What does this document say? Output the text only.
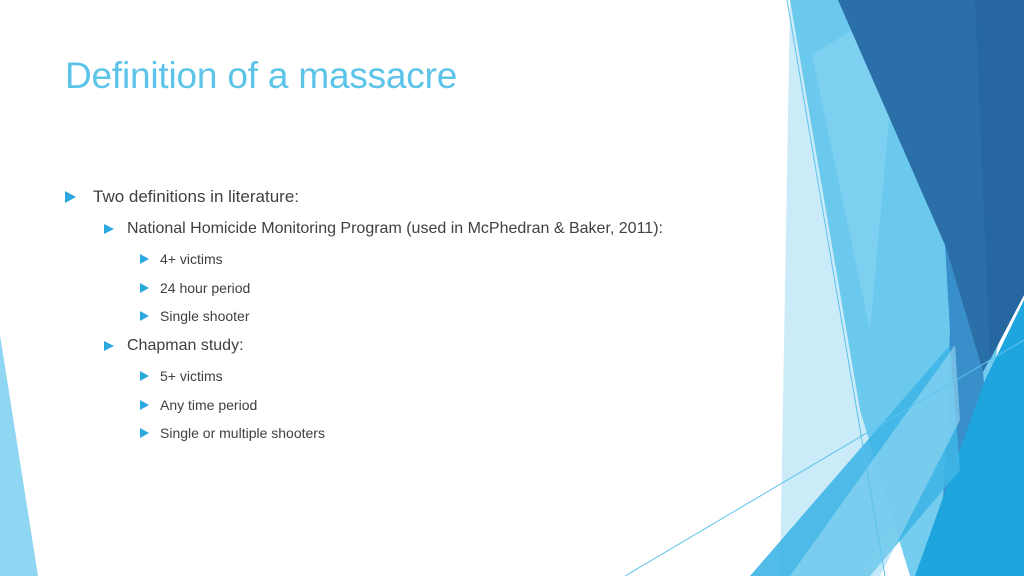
Definition of a massacre
Two definitions in literature:
National Homicide Monitoring Program (used in McPhedran & Baker, 2011):
4+ victims
24 hour period
Single shooter
Chapman study:
5+ victims
Any time period
Single or multiple shooters
